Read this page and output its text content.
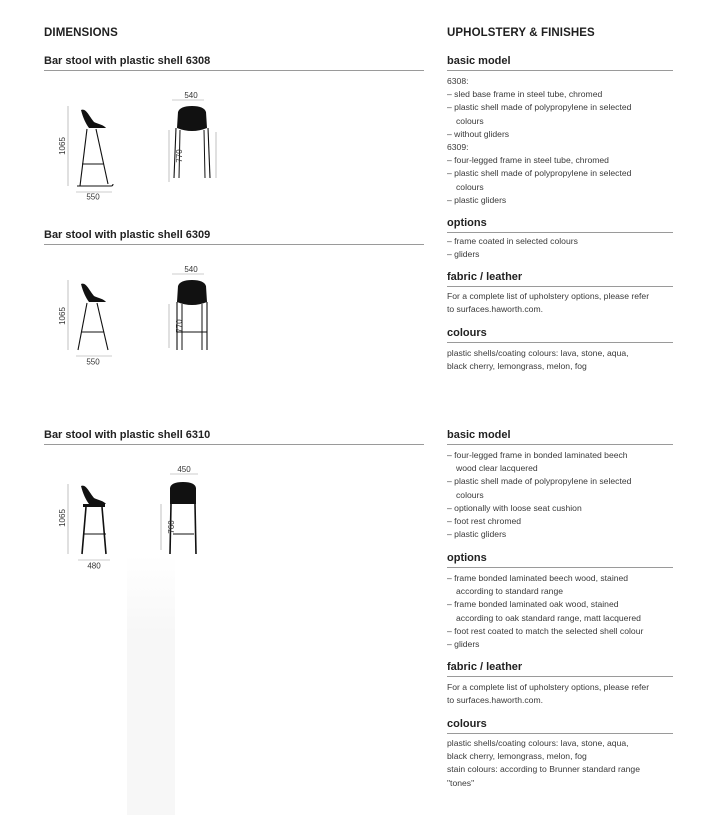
DIMENSIONS
Bar stool with plastic shell 6308
1065
550
540
770
Bar stool with plastic shell 6309
1065
550
540
770
Bar stool with plastic shell 6310
1065
480
450
760
UPHOLSTERY & FINISHES
basic model
6308:
– sled base frame in steel tube, chromed
– plastic shell made of polypropylene in selected
colours
– without gliders
6309:
– four-legged frame in steel tube, chromed
– plastic shell made of polypropylene in selected
colours
– plastic gliders
options
– frame coated in selected colours
– gliders
fabric / leather
For a complete list of upholstery options, please refer
to surfaces.haworth.com.
colours
plastic shells/coating colours: lava, stone, aqua,
black cherry, lemongrass, melon, fog
basic model
– four-legged frame in bonded laminated beech
wood clear lacquered
– plastic shell made of polypropylene in selected
colours
– optionally with loose seat cushion
– foot rest chromed
– plastic gliders
options
– frame bonded laminated beech wood, stained
according to standard range
– frame bonded laminated oak wood, stained
according to oak standard range, matt lacquered
– foot rest coated to match the selected shell colour
– gliders
fabric / leather
For a complete list of upholstery options, please refer
to surfaces.haworth.com.
colours
plastic shells/coating colours: lava, stone, aqua,
black cherry, lemongrass, melon, fog
stain colours: according to Brunner standard range
"tones"
